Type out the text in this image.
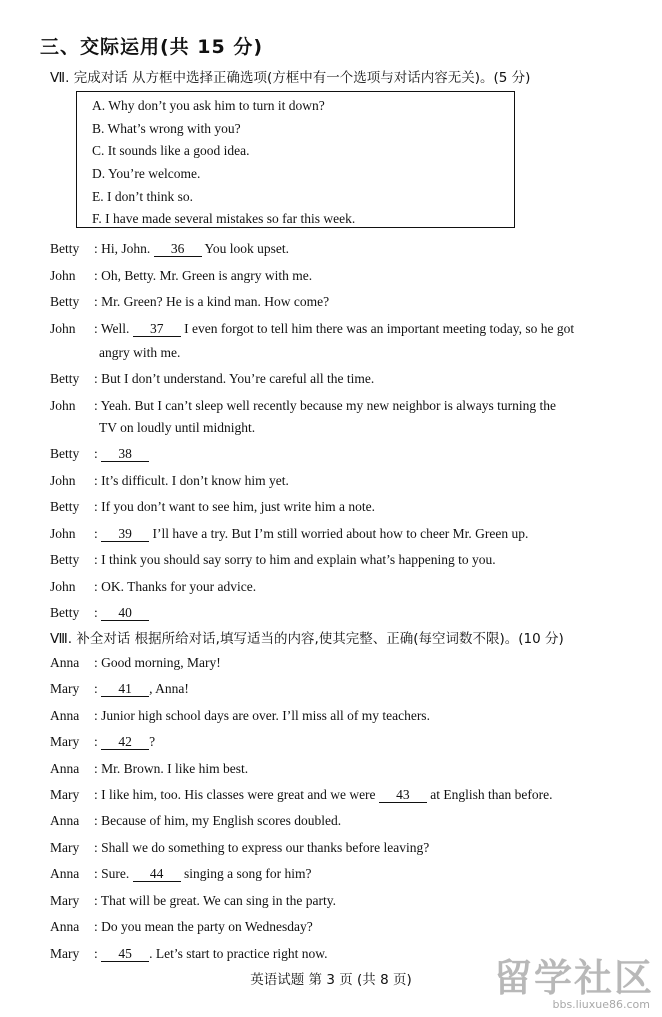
三、交际运用(共 15 分)
Ⅶ. 完成对话 从方框中选择正确选项(方框中有一个选项与对话内容无关)。(5 分)
A. Why don’t you ask him to turn it down?
B. What’s wrong with you?
C. It sounds like a good idea.
D. You’re welcome.
E. I don’t think so.
F. I have made several mistakes so far this week.
Betty : Hi, John. 36 You look upset.
John : Oh, Betty. Mr. Green is angry with me.
Betty : Mr. Green? He is a kind man. How come?
John : Well. 37 I even forgot to tell him there was an important meeting today, so he got
angry with me.
Betty : But I don’t understand. You’re careful all the time.
John : Yeah. But I can’t sleep well recently because my new neighbor is always turning the
TV on loudly until midnight.
Betty : 38
John : It’s difficult. I don’t know him yet.
Betty : If you don’t want to see him, just write him a note.
John : 39 I’ll have a try. But I’m still worried about how to cheer Mr. Green up.
Betty : I think you should say sorry to him and explain what’s happening to you.
John : OK. Thanks for your advice.
Betty : 40
Ⅷ. 补全对话 根据所给对话,填写适当的内容,使其完整、正确(每空词数不限)。(10 分)
Anna : Good morning, Mary!
Mary : 41 , Anna!
Anna : Junior high school days are over. I’ll miss all of my teachers.
Mary : 42 ?
Anna : Mr. Brown. I like him best.
Mary : I like him, too. His classes were great and we were 43 at English than before.
Anna : Because of him, my English scores doubled.
Mary : Shall we do something to express our thanks before leaving?
Anna : Sure. 44 singing a song for him?
Mary : That will be great. We can sing in the party.
Anna : Do you mean the party on Wednesday?
Mary : 45 . Let’s start to practice right now.
英语试题 第 3 页 (共 8 页)	留学社区
bbs.liuxue86.com
